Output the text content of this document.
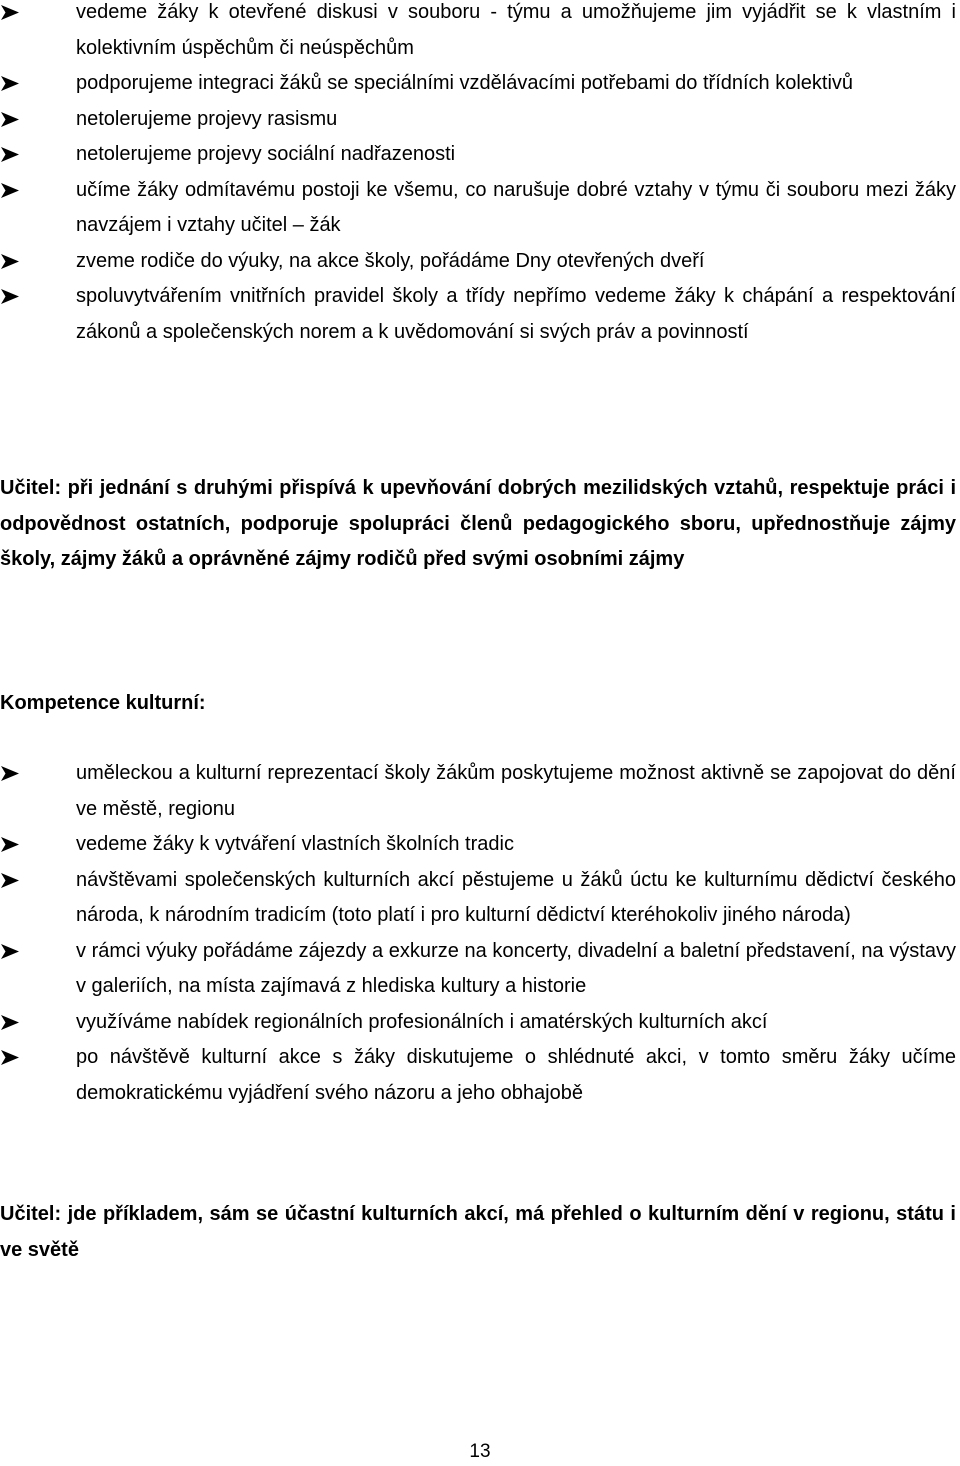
vedeme žáky k otevřené diskusi v souboru - týmu a umožňujeme jim vyjádřit se k vlastním i kolektivním úspěchům či neúspěchům
podporujeme integraci žáků se speciálními vzdělávacími potřebami do třídních kolektivů
netolerujeme projevy rasismu
netolerujeme projevy sociální nadřazenosti
učíme žáky odmítavému postoji ke všemu, co narušuje dobré vztahy v týmu či souboru mezi žáky navzájem i vztahy učitel – žák
zveme rodiče do výuky, na akce školy, pořádáme Dny otevřených dveří
spoluvytvářením vnitřních pravidel školy a třídy nepřímo vedeme žáky k chápání a respektování zákonů a společenských norem a k uvědomování si svých práv a povinností

Učitel: při jednání s druhými přispívá k upevňování dobrých mezilidských vztahů, respektuje práci i odpovědnost ostatních, podporuje spolupráci členů pedagogického sboru, upřednostňuje zájmy školy, zájmy žáků a oprávněné zájmy rodičů před svými osobními zájmy

Kompetence kulturní:

uměleckou a kulturní reprezentací školy žákům poskytujeme možnost aktivně se zapojovat do dění ve městě, regionu
vedeme žáky k vytváření vlastních školních tradic
návštěvami společenských kulturních akcí pěstujeme u žáků úctu ke kulturnímu dědictví českého národa, k národním tradicím (toto platí i pro kulturní dědictví kteréhokoliv jiného národa)
v rámci výuky pořádáme zájezdy a exkurze na koncerty, divadelní a baletní představení, na výstavy v galeriích, na místa zajímavá z hlediska kultury a historie
využíváme nabídek regionálních profesionálních i amatérských kulturních akcí
po návštěvě kulturní akce s žáky diskutujeme o shlédnuté akci, v tomto směru žáky učíme demokratickému vyjádření svého názoru a jeho obhajobě

Učitel: jde příkladem, sám se účastní kulturních akcí, má přehled o kulturním dění v regionu, státu i ve světě

13
